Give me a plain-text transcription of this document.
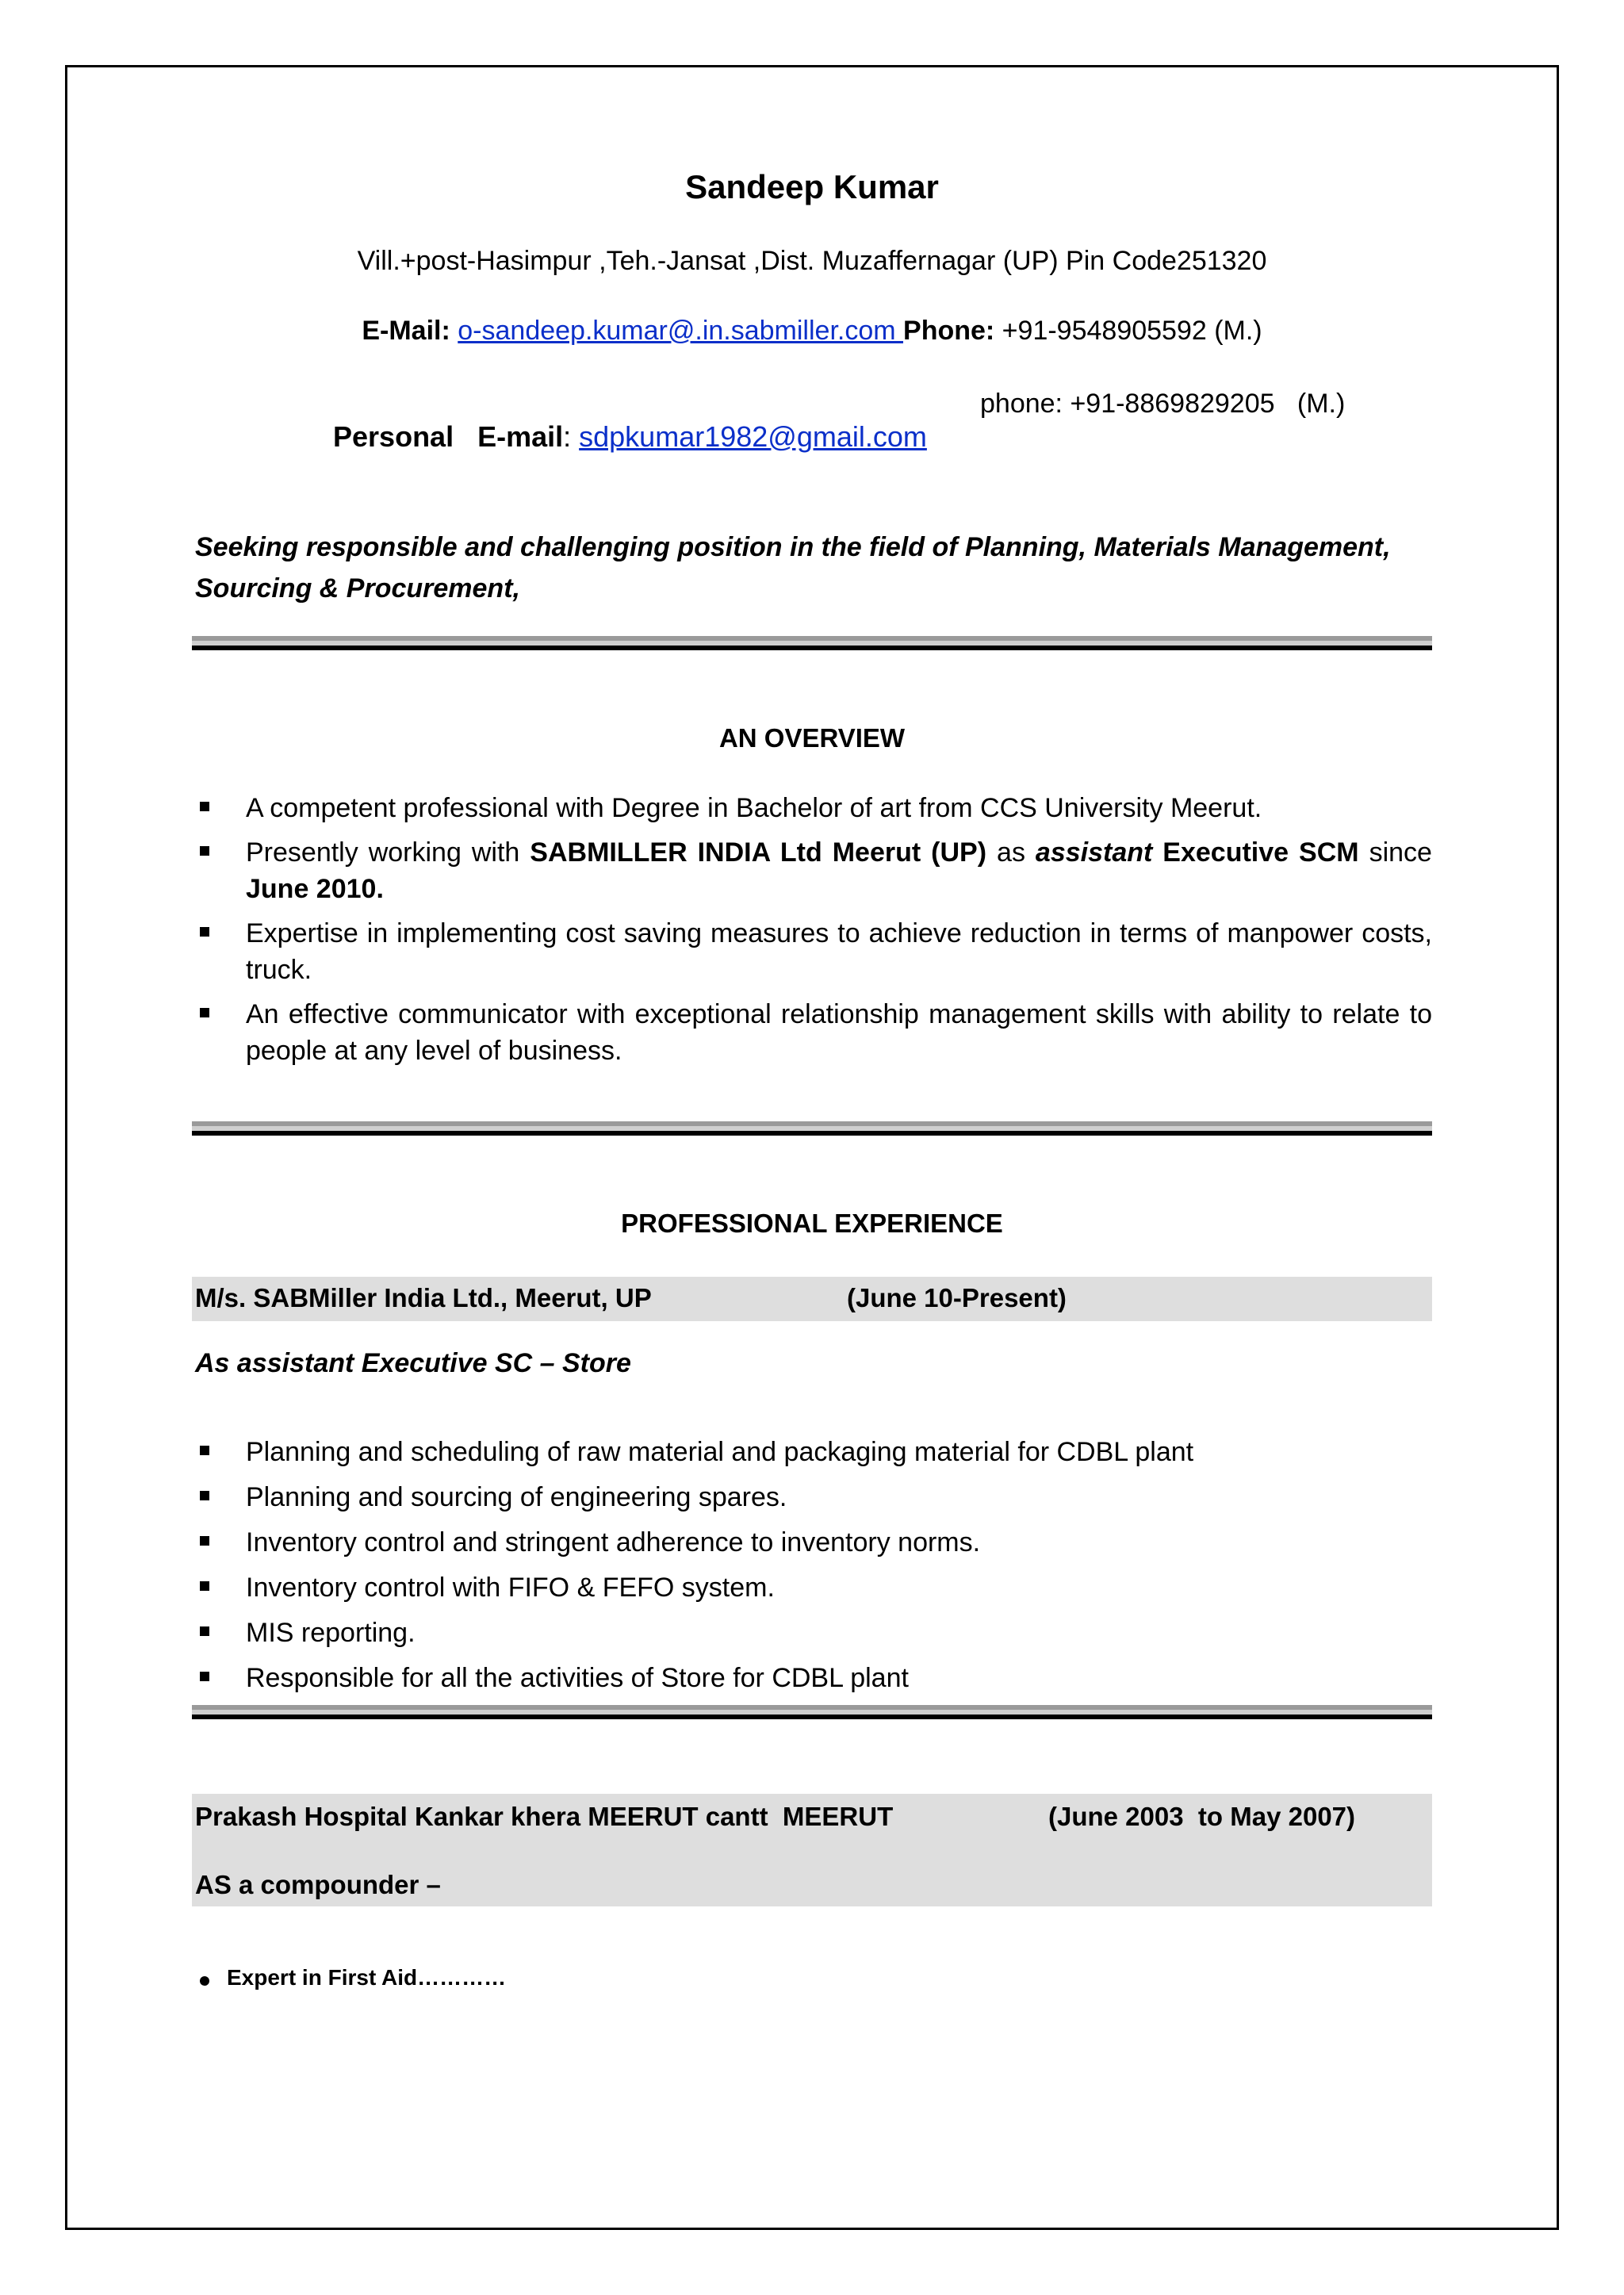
Sandeep Kumar
Vill.+post-Hasimpur ,Teh.-Jansat ,Dist. Muzaffernagar (UP) Pin Code251320
E-Mail: o-sandeep.kumar@.in.sabmiller.com Phone: +91-9548905592 (M.)

Personal   E-mail: sdpkumar1982@gmail.com

phone: +91-8869829205   (M.)

Seeking responsible and challenging position in the field of Planning, Materials Management, Sourcing & Procurement,
AN OVERVIEW
A competent professional with Degree in Bachelor of art from CCS University Meerut.
Presently working with SABMILLER INDIA Ltd Meerut (UP) as assistant Executive SCM since June 2010.
Expertise in implementing cost saving measures to achieve reduction in terms of manpower costs, truck.
An effective communicator with exceptional relationship management skills with ability to relate to people at any level of business.
PROFESSIONAL EXPERIENCE
M/s. SABMiller India Ltd., Meerut, UP	(June 10-Present)
As assistant Executive SC – Store
Planning and scheduling of raw material and packaging material for CDBL plant
Planning and sourcing of engineering spares.
Inventory control and stringent adherence to inventory norms.
Inventory control with FIFO & FEFO system.
MIS reporting.
Responsible for all the activities of Store for CDBL plant
Prakash Hospital Kankar khera MEERUT cantt  MEERUT	(June 2003  to May 2007)
AS a compounder –
Expert in First Aid…………
